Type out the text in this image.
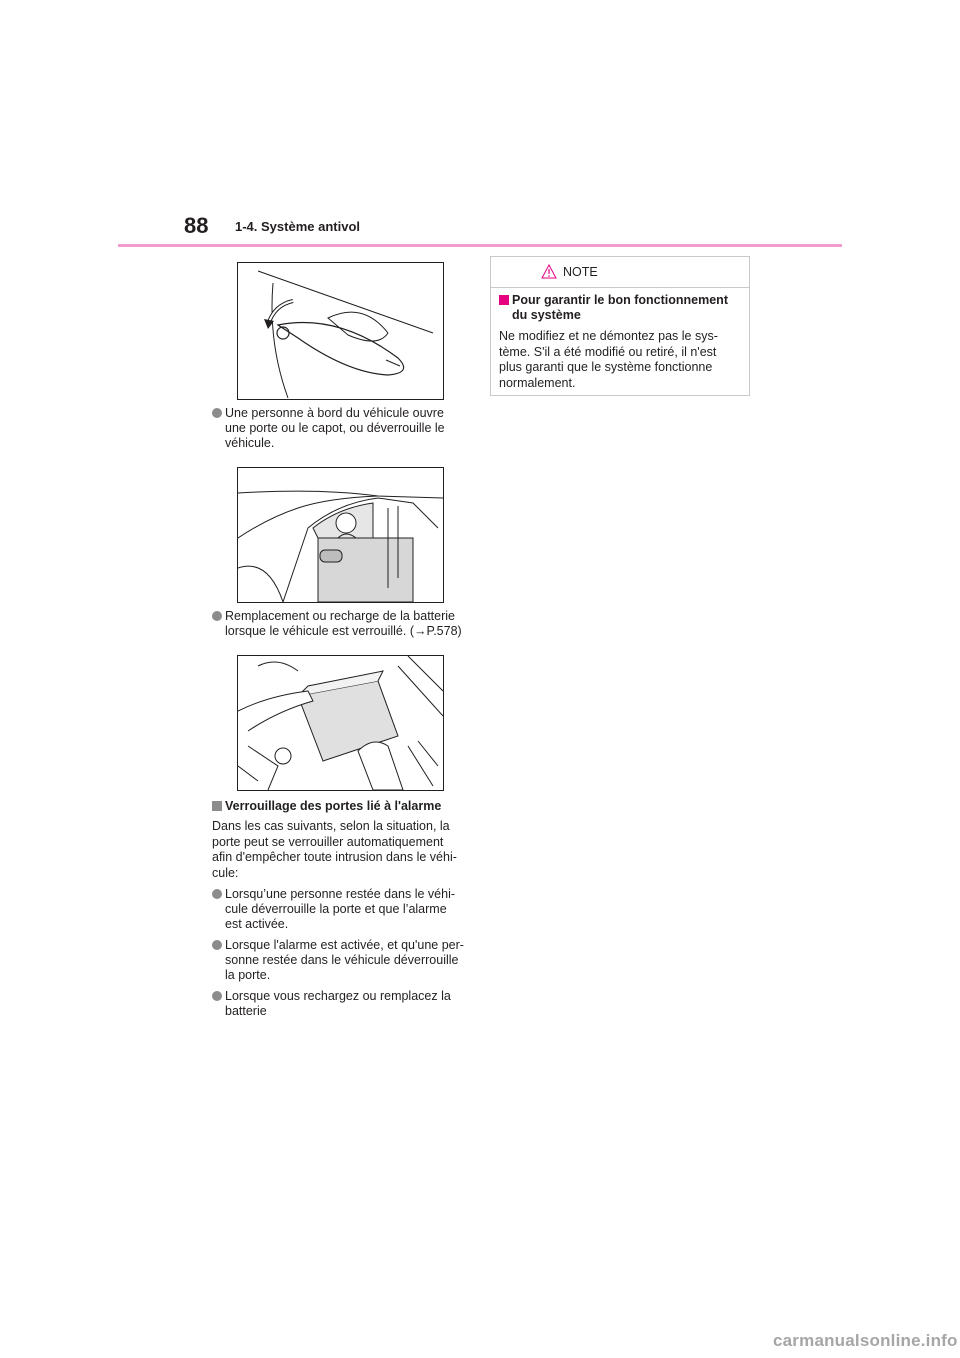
88 1-4. Système antivol
Une personne à bord du véhicule ouvre une porte ou le capot, ou déverrouille le véhicule.
Remplacement ou recharge de la batterie lorsque le véhicule est verrouillé. (→P.578)
Verrouillage des portes lié à l'alarme
Dans les cas suivants, selon la situation, la porte peut se verrouiller automatiquement afin d'empêcher toute intrusion dans le véhi-cule:
Lorsqu’une personne restée dans le véhi-cule déverrouille la porte et que l’alarme est activée.
Lorsque l'alarme est activée, et qu'une per-sonne restée dans le véhicule déverrouille la porte.
Lorsque vous rechargez ou remplacez la batterie
NOTE
Pour garantir le bon fonctionnement du système
Ne modifiez et ne démontez pas le sys-tème. S'il a été modifié ou retiré, il n'est plus garanti que le système fonctionne normalement.
carmanualsonline.info
